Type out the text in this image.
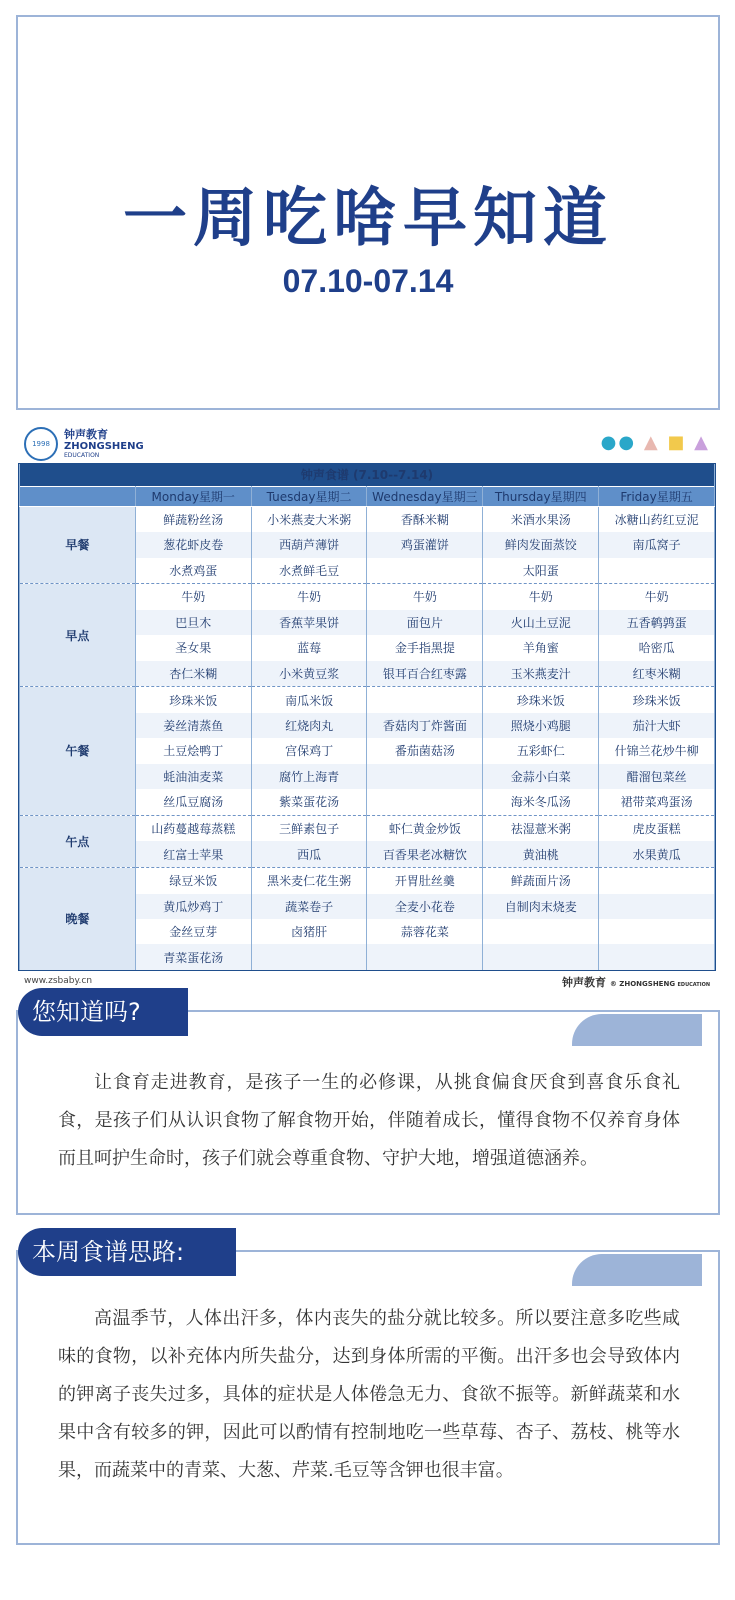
一周吃啥早知道
07.10-07.14
1998
钟声教育
ZHONGSHENG
EDUCATION
●● ▲ ■ ▲
钟声食谱 (7.10--7.14)					
	Monday星期一	Tuesday星期二	Wednesday星期三	Thursday星期四	Friday星期五
早餐	鲜蔬粉丝汤	小米燕麦大米粥	香酥米糊	米酒水果汤	冰糖山药红豆泥
	葱花虾皮卷	西葫芦薄饼	鸡蛋灌饼	鲜肉发面蒸饺	南瓜窝子
	水煮鸡蛋	水煮鲜毛豆		太阳蛋	
早点	牛奶	牛奶	牛奶	牛奶	牛奶
	巴旦木	香蕉苹果饼	面包片	火山土豆泥	五香鹌鹑蛋
	圣女果	蓝莓	金手指黑提	羊角蜜	哈密瓜
	杏仁米糊	小米黄豆浆	银耳百合红枣露	玉米燕麦汁	红枣米糊
午餐	珍珠米饭	南瓜米饭		珍珠米饭	珍珠米饭
	姜丝清蒸鱼	红烧肉丸	香菇肉丁炸酱面	照烧小鸡腿	茄汁大虾
	土豆烩鸭丁	宫保鸡丁	番茄菌菇汤	五彩虾仁	什锦兰花炒牛柳
	蚝油油麦菜	腐竹上海青		金蒜小白菜	醋溜包菜丝
	丝瓜豆腐汤	紫菜蛋花汤		海米冬瓜汤	裙带菜鸡蛋汤
午点	山药蔓越莓蒸糕	三鲜素包子	虾仁黄金炒饭	祛湿薏米粥	虎皮蛋糕
	红富士苹果	西瓜	百香果老冰糖饮	黄油桃	水果黄瓜
晚餐	绿豆米饭	黑米麦仁花生粥	开胃肚丝羹	鲜蔬面片汤	
	黄瓜炒鸡丁	蔬菜卷子	全麦小花卷	自制肉末烧麦	
	金丝豆芽	卤猪肝	蒜蓉花菜		
	青菜蛋花汤				
www.zsbaby.cn	钟声教育 ® ZHONGSHENG EDUCATION
您知道吗?
让食育走进教育，是孩子一生的必修课，从挑食偏食厌食到喜食乐食礼食，是孩子们从认识食物了解食物开始，伴随着成长，懂得食物不仅养育身体而且呵护生命时，孩子们就会尊重食物、守护大地，增强道德涵养。
本周食谱思路:
高温季节，人体出汗多，体内丧失的盐分就比较多。所以要注意多吃些咸味的食物，以补充体内所失盐分，达到身体所需的平衡。出汗多也会导致体内的钾离子丧失过多，具体的症状是人体倦急无力、食欲不振等。新鲜蔬菜和水果中含有较多的钾，因此可以酌情有控制地吃一些草莓、杏子、荔枝、桃等水果，而蔬菜中的青菜、大葱、芹菜.毛豆等含钾也很丰富。
